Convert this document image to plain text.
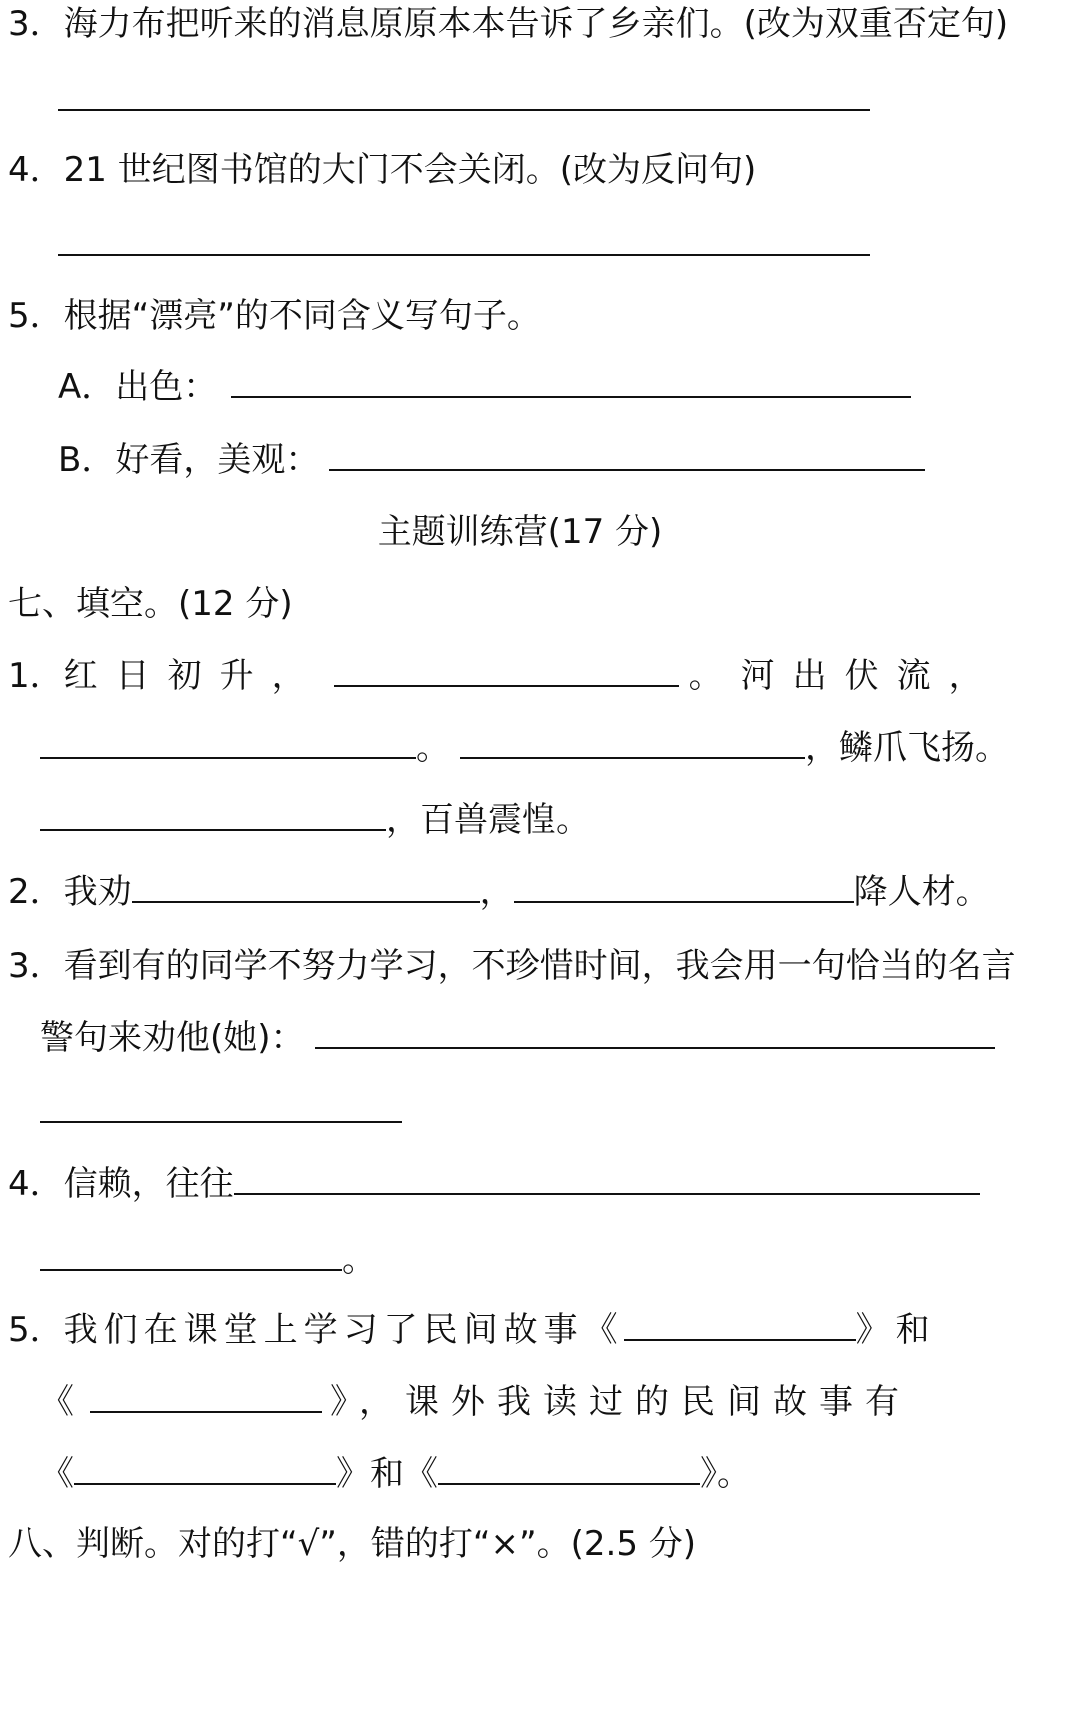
3．海力布把听来的消息原原本本告诉了乡亲们。(改为双重否定句)
4．21 世纪图书馆的大门不会关闭。(改为反问句)
5．根据“漂亮”的不同含义写句子。
A．出色：
B．好看，美观：
主题训练营(17 分)
七、填空。(12 分)
1．红日初升，	。河出伏流，
。	，鳞爪飞扬。
，百兽震惶。
2．我劝	，	降人材。
3．看到有的同学不努力学习，不珍惜时间，我会用一句恰当的名言
警句来劝他(她)：
4．信赖，往往
。
5．我们在课堂上学习了民间故事《	》和
《	》，课外我读过的民间故事有
《	》和《	》。
八、判断。对的打“√”，错的打“×”。(2.5 分)
